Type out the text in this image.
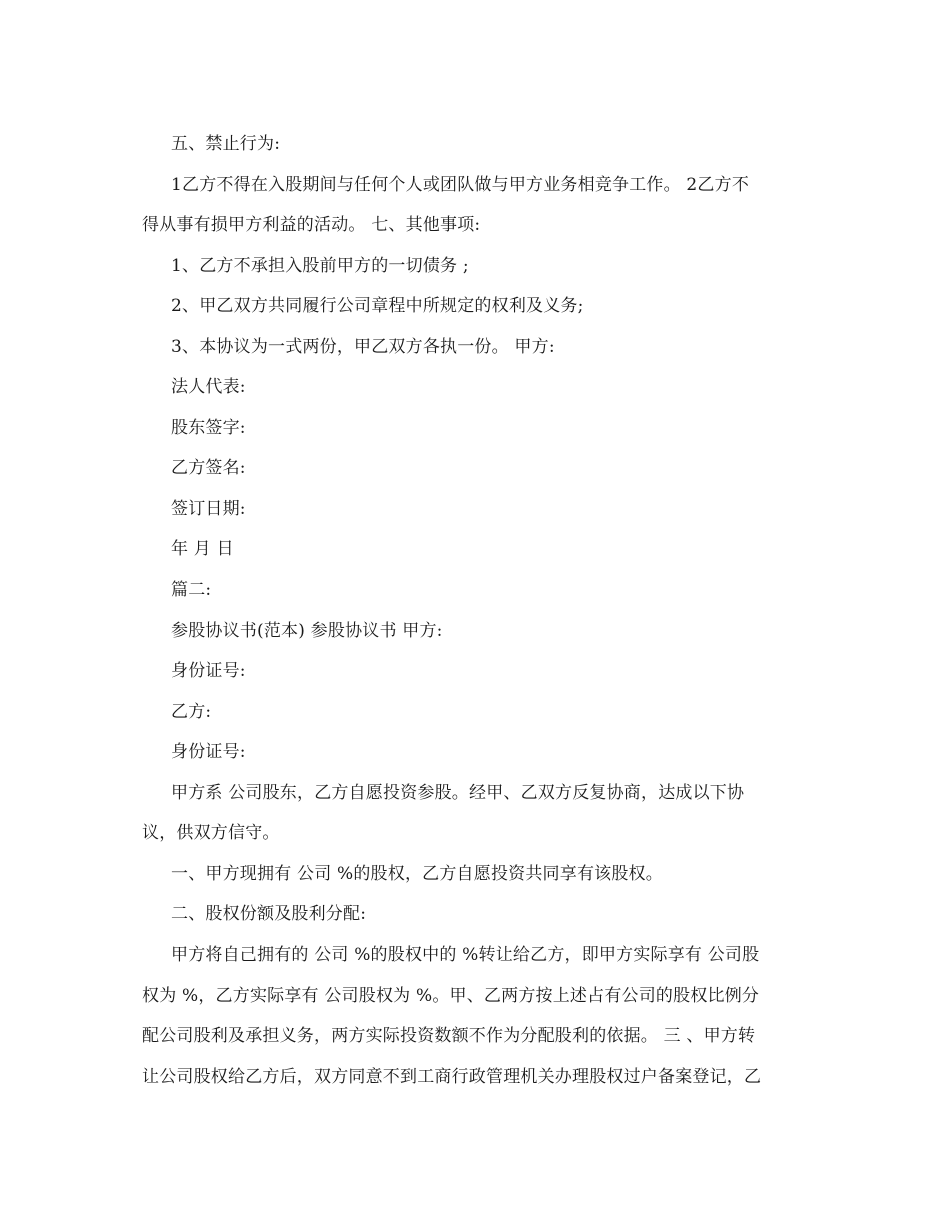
五、禁止行为:
1乙方不得在入股期间与任何个人或团队做与甲方业务相竞争工作。 2乙方不
得从事有损甲方利益的活动。 七、其他事项:
1、乙方不承担入股前甲方的一切债务 ;
2、甲乙双方共同履行公司章程中所规定的权利及义务;
3、本协议为一式两份，甲乙双方各执一份。 甲方:
法人代表:
股东签字:
乙方签名:
签订日期:
年 月 日
篇二:
参股协议书(范本) 参股协议书 甲方:
身份证号:
乙方:
身份证号:
甲方系 公司股东，乙方自愿投资参股。经甲、乙双方反复协商，达成以下协
议，供双方信守。
一、甲方现拥有 公司 %的股权，乙方自愿投资共同享有该股权。
二、股权份额及股利分配:
甲方将自己拥有的 公司 %的股权中的 %转让给乙方，即甲方实际享有 公司股
权为 %，乙方实际享有 公司股权为 %。甲、乙两方按上述占有公司的股权比例分
配公司股利及承担义务，两方实际投资数额不作为分配股利的依据。 三 、甲方转
让公司股权给乙方后，双方同意不到工商行政管理机关办理股权过户备案登记，乙
